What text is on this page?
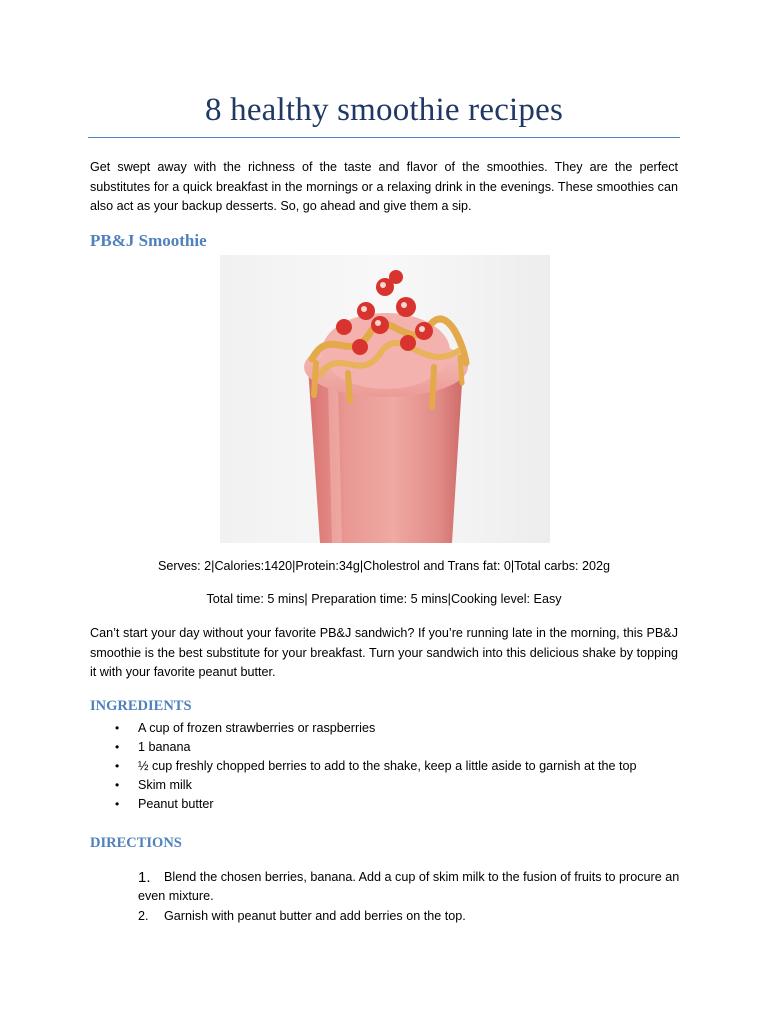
8 healthy smoothie recipes
Get swept away with the richness of the taste and flavor of the smoothies. They are the perfect substitutes for a quick breakfast in the mornings or a relaxing drink in the evenings. These smoothies can also act as your backup desserts. So, go ahead and give them a sip.
PB&J Smoothie
Serves: 2|Calories:1420|Protein:34g|Cholestrol and Trans fat: 0|Total carbs: 202g
Total time: 5 mins| Preparation time: 5 mins|Cooking level: Easy
Can’t start your day without your favorite PB&J sandwich? If you’re running late in the morning, this PB&J smoothie is the best substitute for your breakfast. Turn your sandwich into this delicious shake by topping it with your favorite peanut butter.
INGREDIENTS
• A cup of frozen strawberries or raspberries
• 1 banana
• ½ cup freshly chopped berries to add to the shake, keep a little aside to garnish at the top
• Skim milk
• Peanut butter
DIRECTIONS
1. Blend the chosen berries, banana. Add a cup of skim milk to the fusion of fruits to procure an even mixture.
2. Garnish with peanut butter and add berries on the top.
